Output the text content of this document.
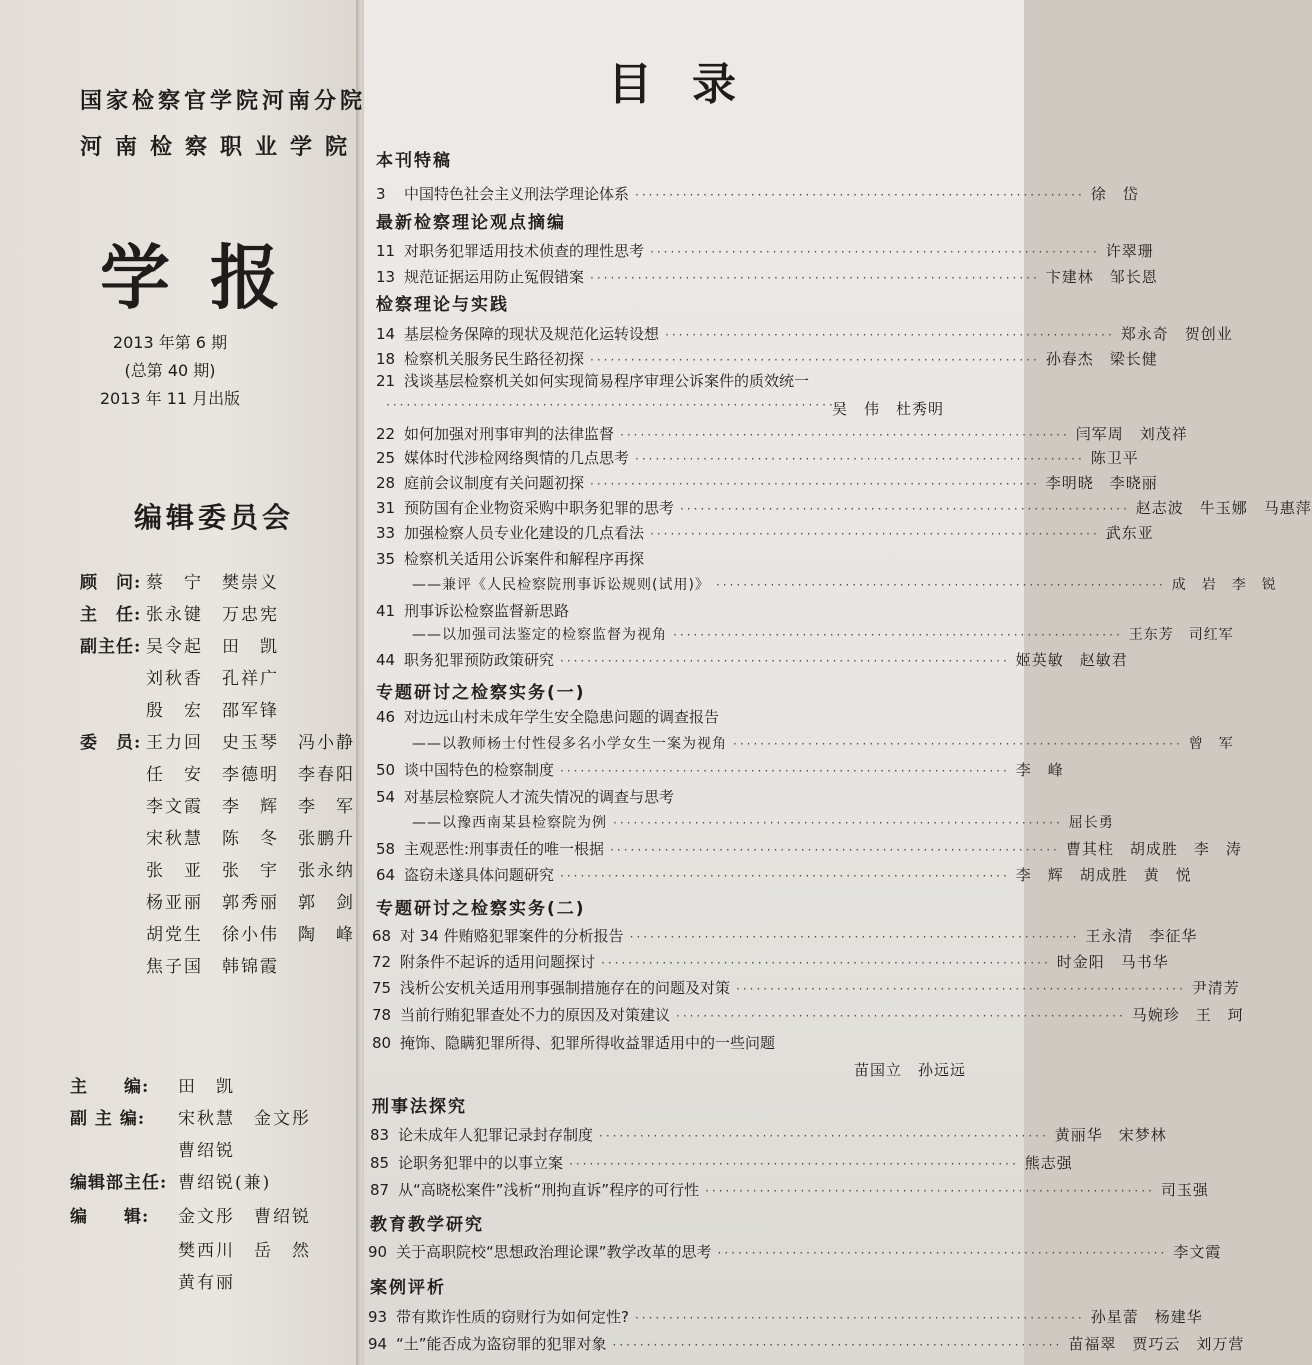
国家检察官学院河南分院
河南检察职业学院
学报
2013 年第 6 期
(总第 40 期)
2013 年 11 月出版
编辑委员会
顾　问: 蔡　宁　樊崇义
主　任: 张永键　万忠宪
副主任: 吴令起　田　凯
刘秋香　孔祥广
殷　宏　邵军锋
委　员: 王力回　史玉琴　冯小静
任　安　李德明　李春阳
李文霞　李　辉　李　军
宋秋慧　陈　冬　张鹏升
张　亚　张　宇　张永纳
杨亚丽　郭秀丽　郭　剑
胡党生　徐小伟　陶　峰
焦子国　韩锦霞
主　　编: 田　凯
副 主 编: 宋秋慧　金文彤
曹绍锐
编辑部主任: 曹绍锐(兼)
编　　辑: 金文彤　曹绍锐
樊西川　岳　然
黄有丽
目录
本刊特稿
3	中国特色社会主义刑法学理论体系 ·································································· 徐　岱
最新检察理论观点摘编
11 对职务犯罪适用技术侦查的理性思考 ·································································· 许翠珊
13 规范证据运用防止冤假错案 ·································································· 卞建林　邹长恩
检察理论与实践
14 基层检务保障的现状及规范化运转设想 ·································································· 郑永奇　贺创业
18 检察机关服务民生路径初探 ·································································· 孙春杰　梁长健
21 浅谈基层检察机关如何实现简易程序审理公诉案件的质效统一
····································································
吴　伟　杜秀明
22 如何加强对刑事审判的法律监督 ·································································· 闫军周　刘茂祥
25 媒体时代涉检网络舆情的几点思考 ·································································· 陈卫平
28 庭前会议制度有关问题初探 ·································································· 李明晓　李晓丽
31 预防国有企业物资采购中职务犯罪的思考 ·································································· 赵志波　牛玉娜　马惠萍
33 加强检察人员专业化建设的几点看法 ·································································· 武东亚
35 检察机关适用公诉案件和解程序再探
——兼评《人民检察院刑事诉讼规则(试用)》 ·································································· 成　岩　李　锐
41 刑事诉讼检察监督新思路
——以加强司法鉴定的检察监督为视角 ·································································· 王东芳　司红军
44 职务犯罪预防政策研究 ·································································· 姬英敏　赵敏君
专题研讨之检察实务(一)
46 对边远山村未成年学生安全隐患问题的调查报告
——以教师杨士付性侵多名小学女生一案为视角 ·································································· 曾　军
50 谈中国特色的检察制度 ·································································· 李　峰
54 对基层检察院人才流失情况的调查与思考
——以豫西南某县检察院为例 ·································································· 屈长勇
58 主观恶性:刑事责任的唯一根据 ·································································· 曹其柱　胡成胜　李　涛
64 盗窃未遂具体问题研究 ·································································· 李　辉　胡成胜　黄　悦
专题研讨之检察实务(二)
68 对 34 件贿赂犯罪案件的分析报告 ·································································· 王永清　李征华
72 附条件不起诉的适用问题探讨 ·································································· 时金阳　马书华
75 浅析公安机关适用刑事强制措施存在的问题及对策 ·································································· 尹清芳
78 当前行贿犯罪查处不力的原因及对策建议 ·································································· 马婉珍　王　珂
80 掩饰、隐瞒犯罪所得、犯罪所得收益罪适用中的一些问题
苗国立　孙远远
刑事法探究
83 论未成年人犯罪记录封存制度 ·································································· 黄丽华　宋梦林
85 论职务犯罪中的以事立案 ·································································· 熊志强
87 从“高晓松案件”浅析“刑拘直诉”程序的可行性 ·································································· 司玉强
教育教学研究
90 关于高职院校“思想政治理论课”教学改革的思考 ·································································· 李文霞
案例评析
93 带有欺诈性质的窃财行为如何定性? ·································································· 孙星蕾　杨建华
94 “土”能否成为盗窃罪的犯罪对象 ·································································· 苗福翠　贾巧云　刘万营
